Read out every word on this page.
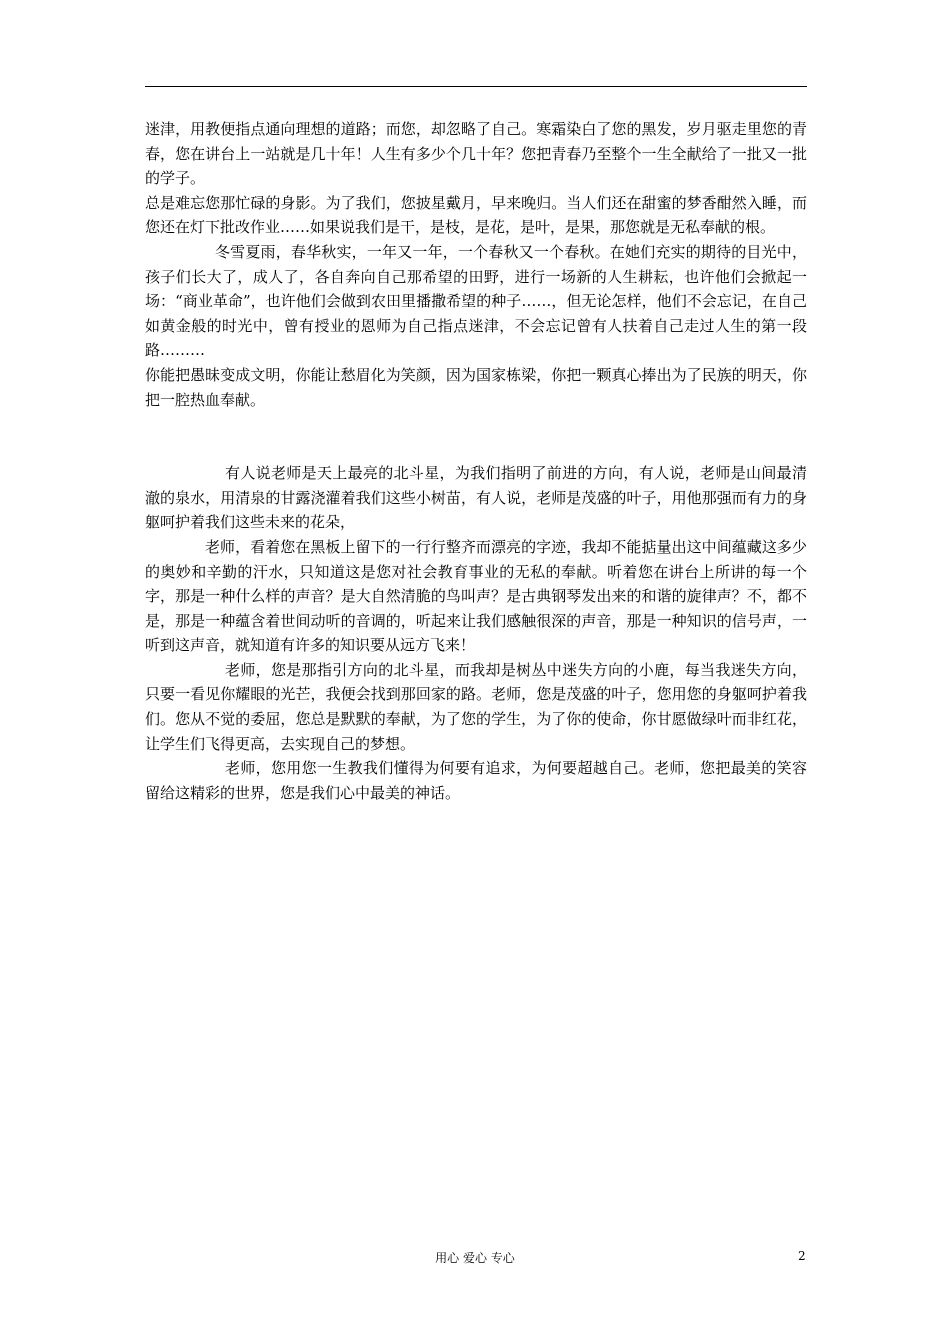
迷津，用教便指点通向理想的道路；而您，却忽略了自己。寒霜染白了您的黑发，岁月驱走里您的青春，您在讲台上一站就是几十年！人生有多少个几十年？您把青春乃至整个一生全献给了一批又一批的学子。

总是难忘您那忙碌的身影。为了我们，您披星戴月，早来晚归。当人们还在甜蜜的梦香酣然入睡，而您还在灯下批改作业……如果说我们是干，是枝，是花，是叶，是果，那您就是无私奉献的根。

冬雪夏雨，春华秋实，一年又一年，一个春秋又一个春秋。在她们充实的期待的目光中，孩子们长大了，成人了，各自奔向自己那希望的田野，进行一场新的人生耕耘，也许他们会掀起一场：“商业革命”，也许他们会做到农田里播撒希望的种子……，但无论怎样，他们不会忘记，在自己如黄金般的时光中，曾有授业的恩师为自己指点迷津，不会忘记曾有人扶着自己走过人生的第一段路………

你能把愚昧变成文明，你能让愁眉化为笑颜，因为国家栋梁，你把一颗真心捧出为了民族的明天，你把一腔热血奉献。

有人说老师是天上最亮的北斗星，为我们指明了前进的方向，有人说，老师是山间最清澈的泉水，用清泉的甘露浇灌着我们这些小树苗，有人说，老师是茂盛的叶子，用他那强而有力的身躯呵护着我们这些未来的花朵，

老师，看着您在黑板上留下的一行行整齐而漂亮的字迹，我却不能掂量出这中间蕴藏这多少的奥妙和辛勤的汗水，只知道这是您对社会教育事业的无私的奉献。听着您在讲台上所讲的每一个字，那是一种什么样的声音？是大自然清脆的鸟叫声？是古典钢琴发出来的和谐的旋律声？不，都不是，那是一种蕴含着世间动听的音调的，听起来让我们感触很深的声音，那是一种知识的信号声，一听到这声音，就知道有许多的知识要从远方飞来！

老师，您是那指引方向的北斗星，而我却是树丛中迷失方向的小鹿，每当我迷失方向，只要一看见你耀眼的光芒，我便会找到那回家的路。老师，您是茂盛的叶子，您用您的身躯呵护着我们。您从不觉的委屈，您总是默默的奉献，为了您的学生，为了你的使命，你甘愿做绿叶而非红花，让学生们飞得更高，去实现自己的梦想。

老师，您用您一生教我们懂得为何要有追求，为何要超越自己。老师，您把最美的笑容留给这精彩的世界，您是我们心中最美的神话。

用心 爱心 专心	2
